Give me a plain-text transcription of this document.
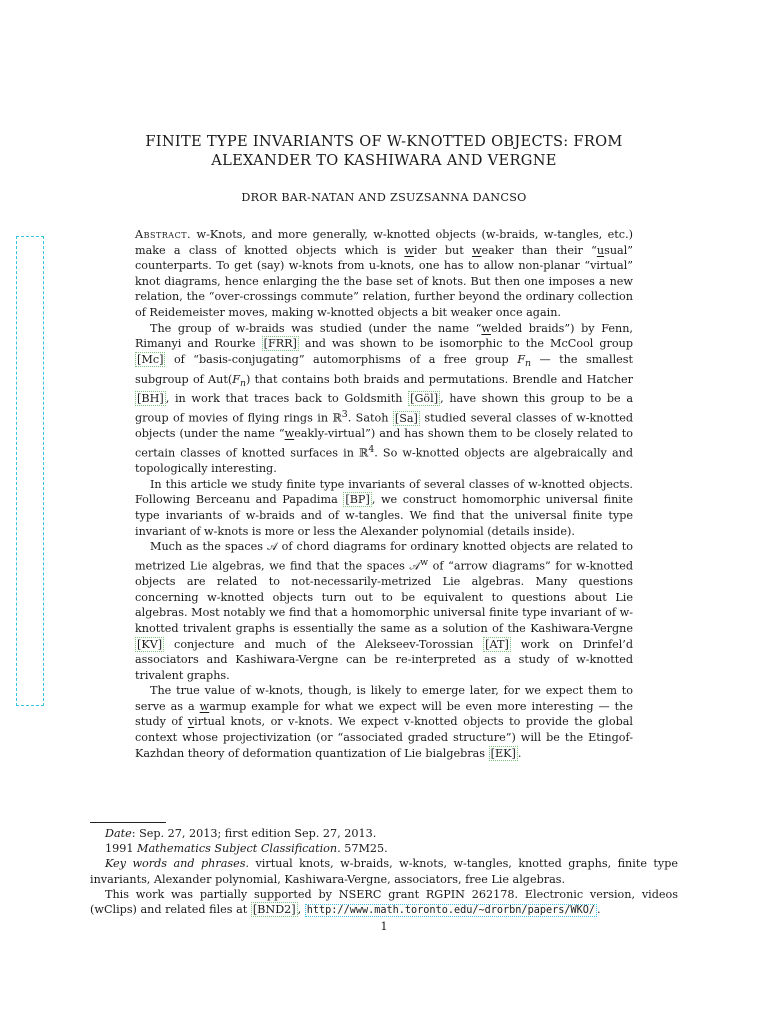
FINITE TYPE INVARIANTS OF W-KNOTTED OBJECTS: FROM
ALEXANDER TO KASHIWARA AND VERGNE
DROR BAR-NATAN AND ZSUZSANNA DANCSO

Abstract. w-Knots, and more generally, w-knotted objects (w-braids, w-tangles, etc.) make a class of knotted objects which is wider but weaker than their “usual” counterparts. To get (say) w-knots from u-knots, one has to allow non-planar “virtual” knot diagrams, hence enlarging the the base set of knots. But then one imposes a new relation, the “over-crossings commute” relation, further beyond the ordinary collection of Reidemeister moves, making w-knotted objects a bit weaker once again.

The group of w-braids was studied (under the name “welded braids”) by Fenn, Rimanyi and Rourke [FRR] and was shown to be isomorphic to the McCool group [Mc] of “basis-conjugating” automorphisms of a free group $F_n$ — the smallest subgroup of $Aut(F_n)$ that contains both braids and permutations. Brendle and Hatcher [BH] , in work that traces back to Goldsmith [Göl] , have shown this group to be a group of movies of flying rings in ℝ$^3$. Satoh [Sa] studied several classes of w-knotted objects (under the name “weakly-virtual”) and has shown them to be closely related to certain classes of knotted surfaces in ℝ$^4$. So w-knotted objects are algebraically and topologically interesting.

In this article we study finite type invariants of several classes of w-knotted objects. Following Berceanu and Papadima [BP] , we construct homomorphic universal finite type invariants of w-braids and of w-tangles. We find that the universal finite type invariant of w-knots is more or less the Alexander polynomial (details inside).

Much as the spaces 𝒜 of chord diagrams for ordinary knotted objects are related to metrized Lie algebras, we find that the spaces 𝒜$^w$ of “arrow diagrams” for w-knotted objects are related to not-necessarily-metrized Lie algebras. Many questions concerning w-knotted objects turn out to be equivalent to questions about Lie algebras. Most notably we find that a homomorphic universal finite type invariant of w-knotted trivalent graphs is essentially the same as a solution of the Kashiwara-Vergne [KV] conjecture and much of the Alekseev-Torossian [AT] work on Drinfel’d associators and Kashiwara-Vergne can be re-interpreted as a study of w-knotted trivalent graphs.

The true value of w-knots, though, is likely to emerge later, for we expect them to serve as a warmup example for what we expect will be even more interesting — the study of virtual knots, or v-knots. We expect v-knotted objects to provide the global context whose projectivization (or “associated graded structure”) will be the Etingof-Kazhdan theory of deformation quantization of Lie bialgebras [EK] .

Date: Sep. 27, 2013; first edition Sep. 27, 2013.

1991 Mathematics Subject Classification. 57M25.

Key words and phrases. virtual knots, w-braids, w-knots, w-tangles, knotted graphs, finite type invariants, Alexander polynomial, Kashiwara-Vergne, associators, free Lie algebras.

This work was partially supported by NSERC grant RGPIN 262178. Electronic version, videos (wClips) and related files at [BND2] , http://www.math.toronto.edu/~drorbn/papers/WKO/ .

1
